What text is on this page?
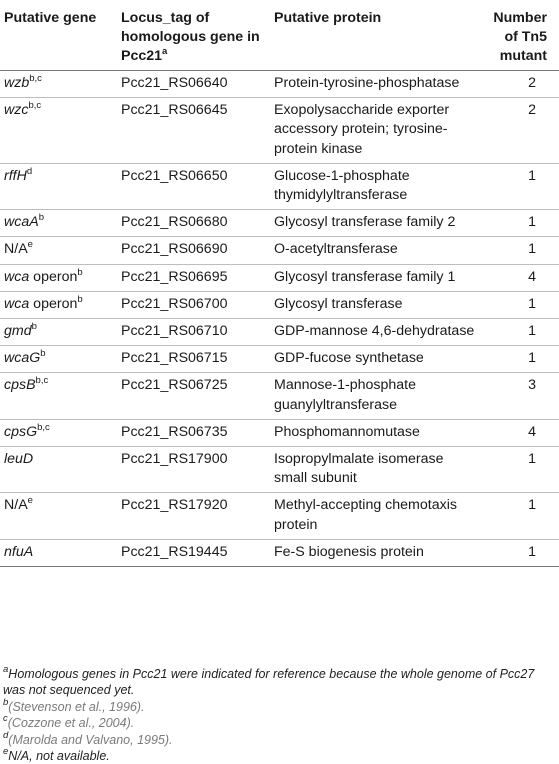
Putative gene	Locus_tag of homologous gene in Pcc21$^a$	Putative protein	Number of Tn5 mutant
wzb$^{b,c}$	Pcc21_RS06640	Protein-tyrosine-phosphatase	2
wzc$^{b,c}$	Pcc21_RS06645	Exopolysaccharide exporter accessory protein; tyrosine-protein kinase	2
rffH$^d$	Pcc21_RS06650	Glucose-1-phosphate thymidylyltransferase	1
wcaA$^b$	Pcc21_RS06680	Glycosyl transferase family 2	1
$N/A^e$	Pcc21_RS06690	O-acetyltransferase	1
wca operon$^b$	Pcc21_RS06695	Glycosyl transferase family 1	4
wca operon$^b$	Pcc21_RS06700	Glycosyl transferase	1
gmd$^b$	Pcc21_RS06710	GDP-mannose 4,6-dehydratase	1
wcaG$^b$	Pcc21_RS06715	GDP-fucose synthetase	1
cpsB$^{b,c}$	Pcc21_RS06725	Mannose-1-phosphate guanylyltransferase	3
cpsG$^{b,c}$	Pcc21_RS06735	Phosphomannomutase	4
leuD	Pcc21_RS17900	Isopropylmalate isomerase small subunit	1
$N/A^e$	Pcc21_RS17920	Methyl-accepting chemotaxis protein	1
nfuA	Pcc21_RS19445	Fe-S biogenesis protein	1
$^a$Homologous genes in Pcc21 were indicated for reference because the whole genome of Pcc27 was not sequenced yet.
$^b$(Stevenson et al., 1996).
$^c$(Cozzone et al., 2004).
$^d$(Marolda and Valvano, 1995).
$^e$N/A, not available.
